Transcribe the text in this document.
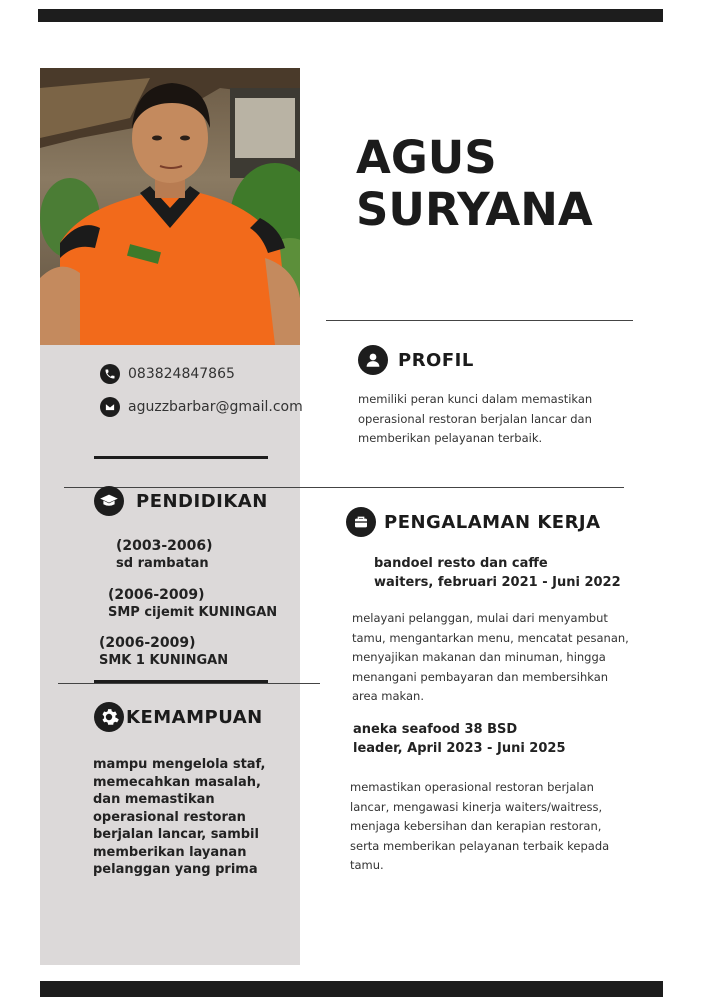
AGUS
SURYANA
083824847865
aguzzbarbar@gmail.com
PROFIL
memiliki peran kunci dalam memastikan operasional restoran berjalan lancar dan memberikan pelayanan terbaik.
PENDIDIKAN
(2003-2006)
sd rambatan
(2006-2009)
SMP cijemit KUNINGAN
(2006-2009)
SMK 1 KUNINGAN
KEMAMPUAN
mampu mengelola staf, memecahkan masalah, dan memastikan operasional restoran berjalan lancar, sambil memberikan layanan pelanggan yang prima
PENGALAMAN KERJA
bandoel resto dan caffe
waiters, februari 2021 - Juni 2022
melayani pelanggan, mulai dari menyambut tamu, mengantarkan menu, mencatat pesanan, menyajikan makanan dan minuman, hingga menangani pembayaran dan membersihkan area makan.
aneka seafood 38 BSD
leader, April 2023 - Juni 2025
memastikan operasional restoran berjalan lancar, mengawasi kinerja waiters/waitress, menjaga kebersihan dan kerapian restoran, serta memberikan pelayanan terbaik kepada tamu.
